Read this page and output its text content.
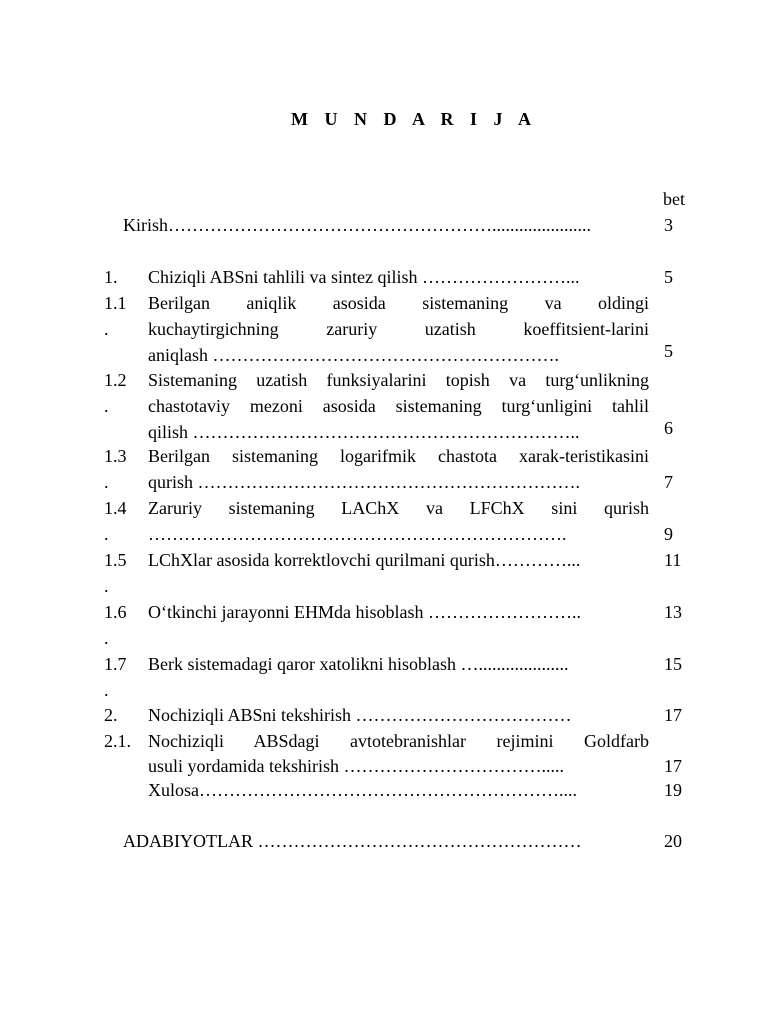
M U N D A R I J A
bet
Kirish………………………………………………......................	3
1. Chiziqli ABSni tahlili va sintez qilish ……………………...	5
1.1
.
Berilgan aniqlik asosida sistemaning va oldingi
kuchaytirgichning zaruriy uzatish koeffitsient-larini
aniqlash ………………………………………………….	5
1.2
.
Sistemaning uzatish funksiyalarini topish va turg‘unlikning
chastotaviy mezoni asosida sistemaning turg‘unligini tahlil
qilish ………………………………………………………..	6
1.3
.
Berilgan sistemaning logarifmik chastota xarak-teristikasini
qurish ……………………………………………………….	7
1.4
.
Zaruriy sistemaning LAChX va LFChX sini qurish
…………………………………………………………….	9
1.5
.
LChXlar asosida korrektlovchi qurilmani qurish…………...	11
1.6
.
O‘tkinchi jarayonni EHMda hisoblash ……………………..	13
1.7
.
Berk sistemadagi qaror xatolikni hisoblash …....................	15
2. Nochiziqli ABSni tekshirish ………………………………	17
2.1. Nochiziqli ABSdagi avtotebranishlar rejimini Goldfarb
usuli yordamida tekshirish …………………………….....	17
Xulosa……………………………………………………....	19
ADABIYOTLAR ………………………………………………	20
